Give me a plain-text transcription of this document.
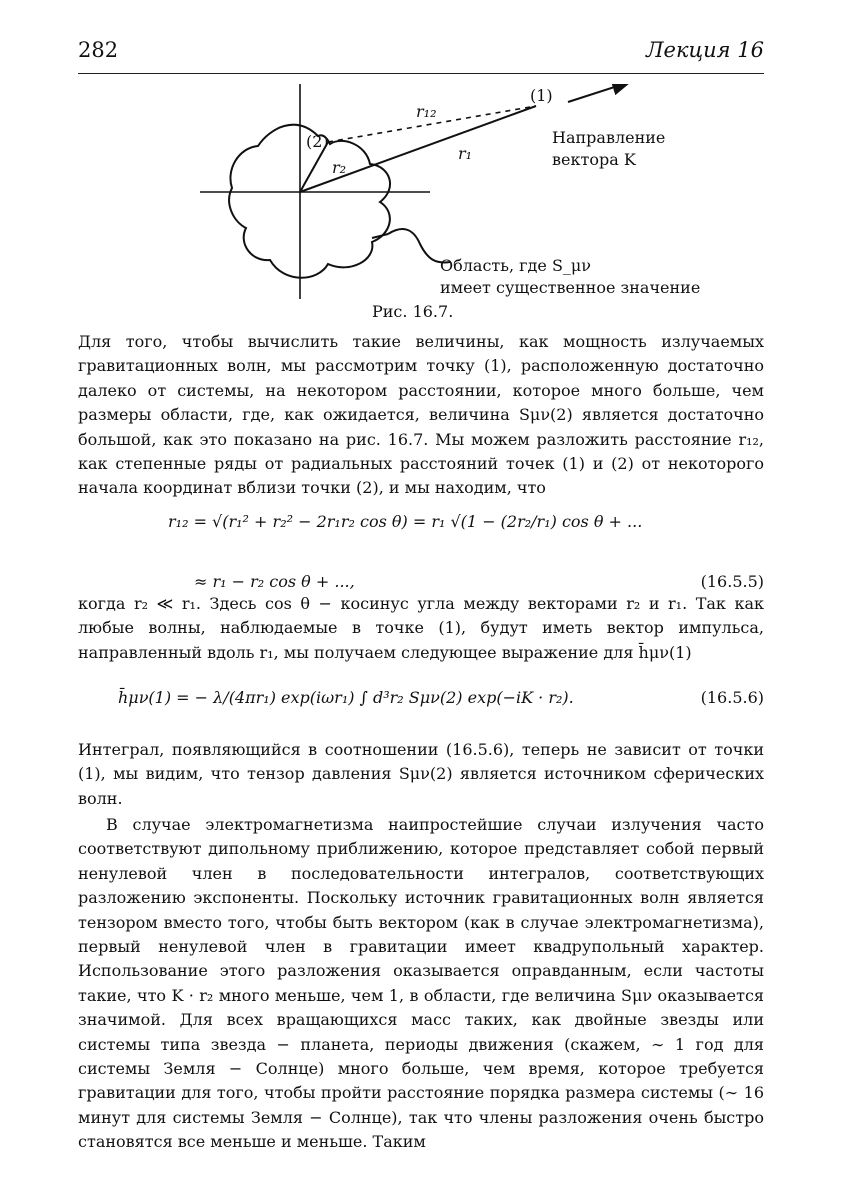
282	Лекция 16
(1)
(2)
r₁₂
r₁
r₂
Направление
вектора K
Область, где S_μν
имеет существенное значение
Рис. 16.7.

Для того, чтобы вычислить такие величины, как мощность излучаемых гравитационных волн, мы рассмотрим точку (1), расположенную достаточно далеко от системы, на некотором расстоянии, которое много больше, чем размеры области, где, как ожидается, величина Sμν(2) является достаточно большой, как это показано на рис. 16.7. Мы можем разложить расстояние r₁₂, как степенные ряды от радиальных расстояний точек (1) и (2) от некоторого начала координат вблизи точки (2), и мы находим, что

r₁₂ = √(r₁² + r₂² − 2r₁r₂ cos θ) = r₁ √(1 − (2r₂/r₁) cos θ + ...
≈ r₁ − r₂ cos θ + ...,	(16.5.5)

когда r₂ ≪ r₁. Здесь cos θ − косинус угла между векторами r₂ и r₁. Так как любые волны, наблюдаемые в точке (1), будут иметь вектор импульса, направленный вдоль r₁, мы получаем следующее выражение для h̄μν(1)

h̄μν(1) = − λ/(4πr₁) exp(iωr₁) ∫ d³r₂ Sμν(2) exp(−iK · r₂).	(16.5.6)

Интеграл, появляющийся в соотношении (16.5.6), теперь не зависит от точки (1), мы видим, что тензор давления Sμν(2) является источником сферических волн.

В случае электромагнетизма наипростейшие случаи излучения часто соответствуют дипольному приближению, которое представляет собой первый ненулевой член в последовательности интегралов, соответствующих разложению экспоненты. Поскольку источник гравитационных волн является тензором вместо того, чтобы быть вектором (как в случае электромагнетизма), первый ненулевой член в гравитации имеет квадрупольный характер. Использование этого разложения оказывается оправданным, если частоты такие, что K · r₂ много меньше, чем 1, в области, где величина Sμν оказывается значимой. Для всех вращающихся масс таких, как двойные звезды или системы типа звезда − планета, периоды движения (скажем, ∼ 1 год для системы Земля − Солнце) много больше, чем время, которое требуется гравитации для того, чтобы пройти расстояние порядка размера системы (∼ 16 минут для системы Земля − Солнце), так что члены разложения очень быстро становятся все меньше и меньше. Таким
